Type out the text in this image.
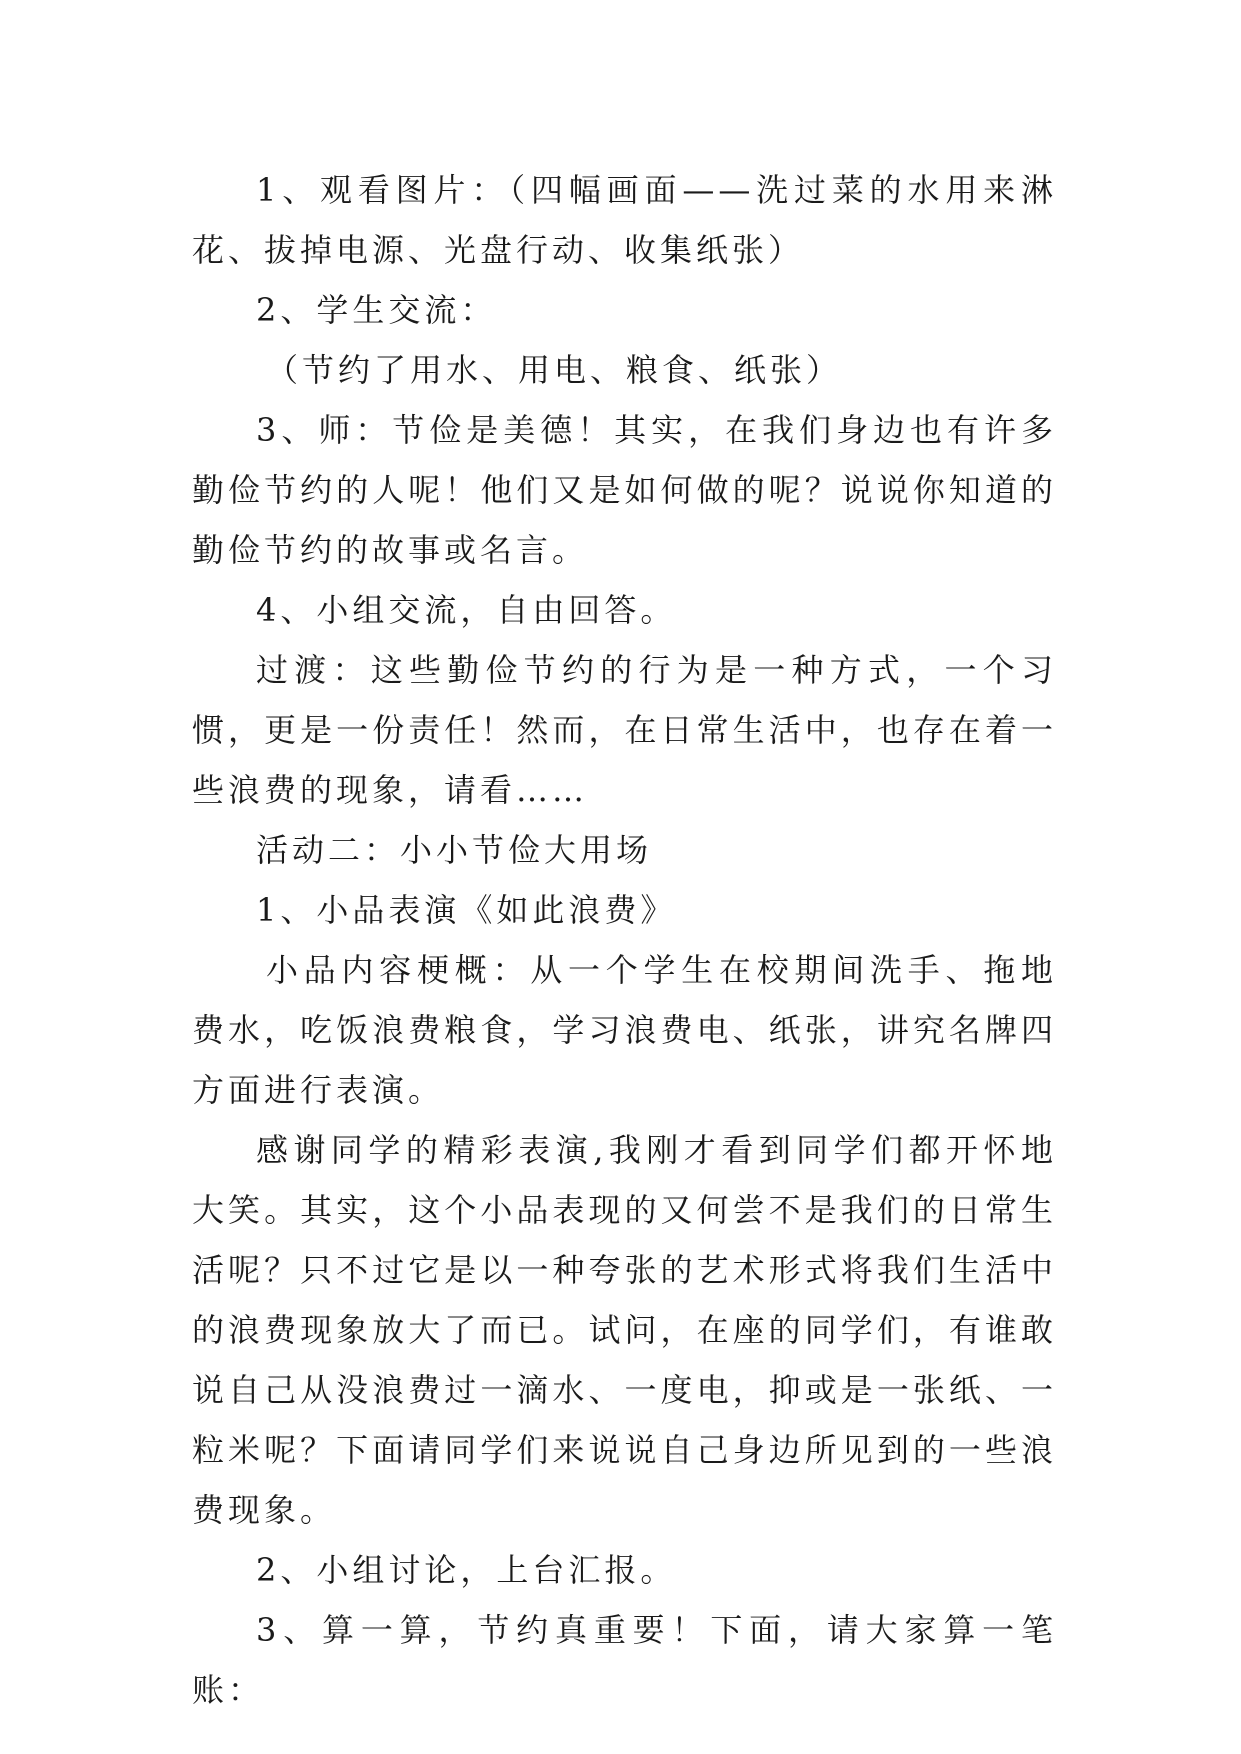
1、观看图片：（四幅画面——洗过菜的水用来淋花、拔掉电源、光盘行动、收集纸张）

2、学生交流：

（节约了用水、用电、粮食、纸张）

3、师：节俭是美德！其实，在我们身边也有许多勤俭节约的人呢！他们又是如何做的呢？说说你知道的勤俭节约的故事或名言。

4、小组交流，自由回答。

过渡：这些勤俭节约的行为是一种方式，一个习惯，更是一份责任！然而，在日常生活中，也存在着一些浪费的现象，请看……

活动二：小小节俭大用场

1、小品表演《如此浪费》

小品内容梗概：从一个学生在校期间洗手、拖地费水，吃饭浪费粮食，学习浪费电、纸张，讲究名牌四方面进行表演。

感谢同学的精彩表演,我刚才看到同学们都开怀地大笑。其实，这个小品表现的又何尝不是我们的日常生活呢？只不过它是以一种夸张的艺术形式将我们生活中的浪费现象放大了而已。试问，在座的同学们，有谁敢说自己从没浪费过一滴水、一度电，抑或是一张纸、一粒米呢？下面请同学们来说说自己身边所见到的一些浪费现象。

2、小组讨论，上台汇报。

3、算一算，节约真重要！下面，请大家算一笔账：
